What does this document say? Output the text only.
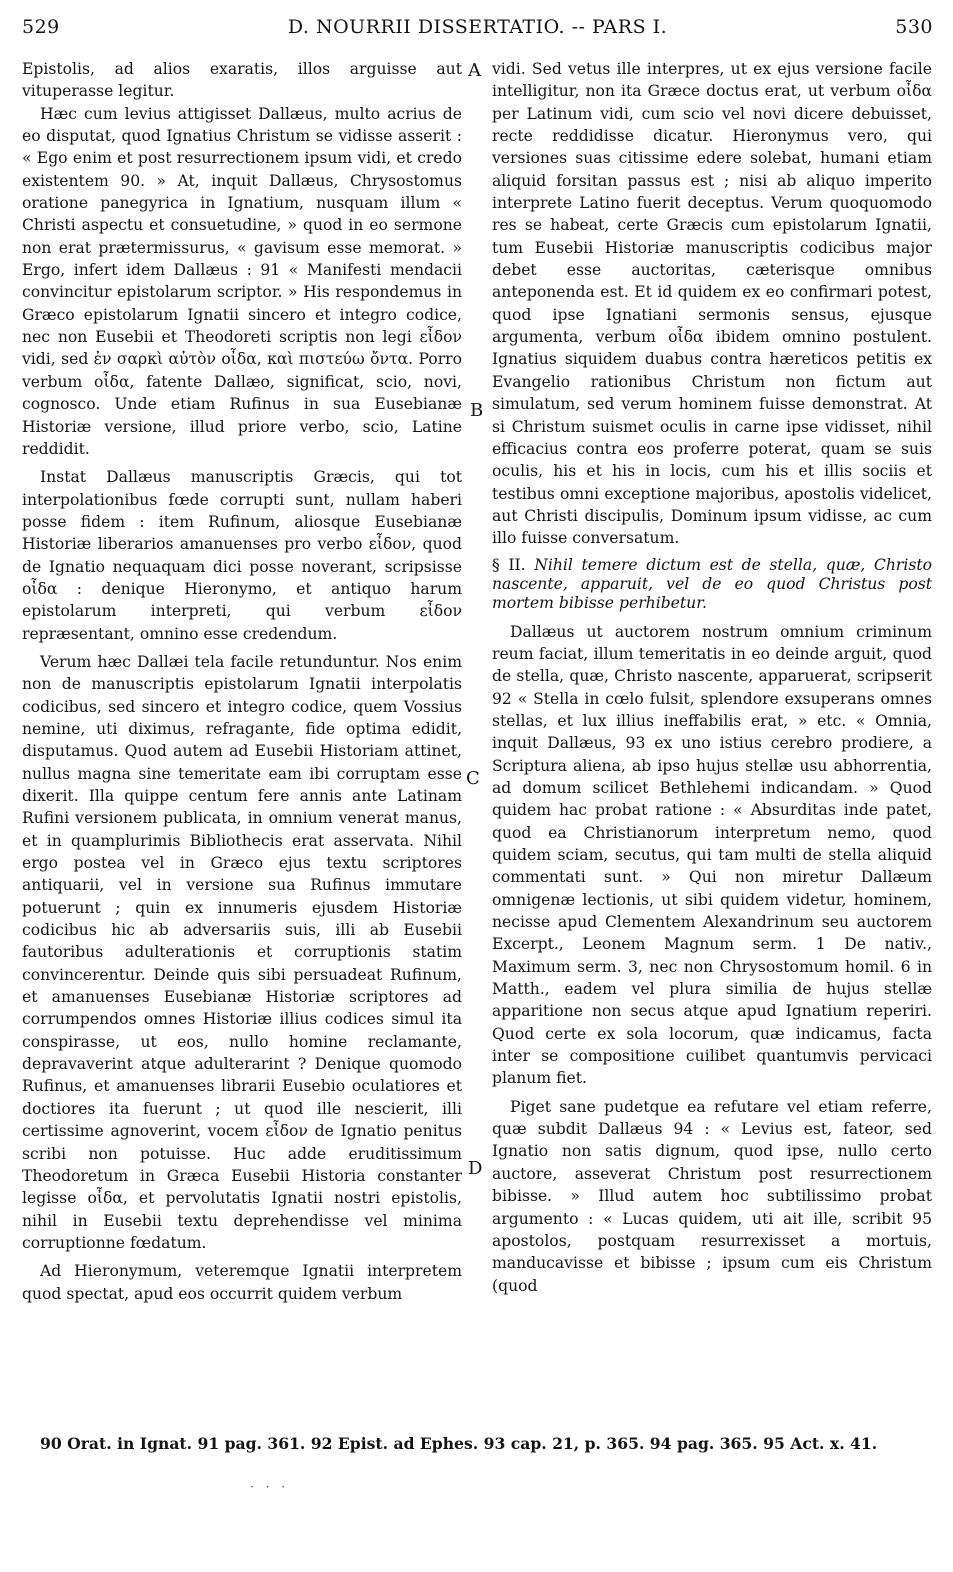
529	D. NOURRII DISSERTATIO. -- PARS I.	530

Epistolis, ad alios exaratis, illos arguisse aut vituperasse legitur.

Hæc cum levius attigisset Dallæus, multo acrius de eo disputat, quod Ignatius Christum se vidisse asserit : « Ego enim et post resurrectionem ipsum vidi, et credo existentem 90. » At, inquit Dallæus, Chrysostomus oratione panegyrica in Ignatium, nusquam illum « Christi aspectu et consuetudine, » quod in eo sermone non erat prætermissurus, « gavisum esse memorat. » Ergo, infert idem Dallæus : 91 « Manifesti mendacii convincitur epistolarum scriptor. » His respondemus in Græco epistolarum Ignatii sincero et integro codice, nec non Eusebii et Theodoreti scriptis non legi εἶδον vidi, sed ἐν σαρκὶ αὐτὸν οἶδα, καὶ πιστεύω ὄντα. Porro verbum οἶδα, fatente Dallæo, significat, scio, novi, cognosco. Unde etiam Rufinus in sua Eusebianæ Historiæ versione, illud priore verbo, scio, Latine reddidit.

Instat Dallæus manuscriptis Græcis, qui tot interpolationibus fœde corrupti sunt, nullam haberi posse fidem : item Rufinum, aliosque Eusebianæ Historiæ liberarios amanuenses pro verbo εἶδον, quod de Ignatio nequaquam dici posse noverant, scripsisse οἶδα : denique Hieronymo, et antiquo harum epistolarum interpreti, qui verbum εἶδον repræsentant, omnino esse credendum.

Verum hæc Dallæi tela facile retunduntur. Nos enim non de manuscriptis epistolarum Ignatii interpolatis codicibus, sed sincero et integro codice, quem Vossius nemine, uti diximus, refragante, fide optima edidit, disputamus. Quod autem ad Eusebii Historiam attinet, nullus magna sine temeritate eam ibi corruptam esse dixerit. Illa quippe centum fere annis ante Latinam Rufini versionem publicata, in omnium venerat manus, et in quamplurimis Bibliothecis erat asservata. Nihil ergo postea vel in Græco ejus textu scriptores antiquarii, vel in versione sua Rufinus immutare potuerunt ; quin ex innumeris ejusdem Historiæ codicibus hic ab adversariis suis, illi ab Eusebii fautoribus adulterationis et corruptionis statim convincerentur. Deinde quis sibi persuadeat Rufinum, et amanuenses Eusebianæ Historiæ scriptores ad corrumpendos omnes Historiæ illius codices simul ita conspirasse, ut eos, nullo homine reclamante, depravaverint atque adulterarint ? Denique quomodo Rufinus, et amanuenses librarii Eusebio oculatiores et doctiores ita fuerunt ; ut quod ille nescierit, illi certissime agnoverint, vocem εἶδον de Ignatio penitus scribi non potuisse. Huc adde eruditissimum Theodoretum in Græca Eusebii Historia constanter legisse οἶδα, et pervolutatis Ignatii nostri epistolis, nihil in Eusebii textu deprehendisse vel minima corruptionne fœdatum.

Ad Hieronymum, veteremque Ignatii interpretem quod spectat, apud eos occurrit quidem verbum

A
B
C
D

vidi. Sed vetus ille interpres, ut ex ejus versione facile intelligitur, non ita Græce doctus erat, ut verbum οἶδα per Latinum vidi, cum scio vel novi dicere debuisset, recte reddidisse dicatur. Hieronymus vero, qui versiones suas citissime edere solebat, humani etiam aliquid forsitan passus est ; nisi ab aliquo imperito interprete Latino fuerit deceptus. Verum quoquomodo res se habeat, certe Græcis cum epistolarum Ignatii, tum Eusebii Historiæ manuscriptis codicibus major debet esse auctoritas, cæterisque omnibus anteponenda est. Et id quidem ex eo confirmari potest, quod ipse Ignatiani sermonis sensus, ejusque argumenta, verbum οἶδα ibidem omnino postulent. Ignatius siquidem duabus contra hæreticos petitis ex Evangelio rationibus Christum non fictum aut simulatum, sed verum hominem fuisse demonstrat. At si Christum suismet oculis in carne ipse vidisset, nihil efficacius contra eos proferre poterat, quam se suis oculis, his et his in locis, cum his et illis sociis et testibus omni exceptione majoribus, apostolis videlicet, aut Christi discipulis, Dominum ipsum vidisse, ac cum illo fuisse conversatum.

§ II. Nihil temere dictum est de stella, quæ, Christo nascente, apparuit, vel de eo quod Christus post mortem bibisse perhibetur.

Dallæus ut auctorem nostrum omnium criminum reum faciat, illum temeritatis in eo deinde arguit, quod de stella, quæ, Christo nascente, apparuerat, scripserit 92 « Stella in cœlo fulsit, splendore exsuperans omnes stellas, et lux illius ineffabilis erat, » etc. « Omnia, inquit Dallæus, 93 ex uno istius cerebro prodiere, a Scriptura aliena, ab ipso hujus stellæ usu abhorrentia, ad domum scilicet Bethlehemi indicandam. » Quod quidem hac probat ratione : « Absurditas inde patet, quod ea Christianorum interpretum nemo, quod quidem sciam, secutus, qui tam multi de stella aliquid commentati sunt. » Qui non miretur Dallæum omnigenæ lectionis, ut sibi quidem videtur, hominem, necisse apud Clementem Alexandrinum seu auctorem Excerpt., Leonem Magnum serm. 1 De nativ., Maximum serm. 3, nec non Chrysostomum homil. 6 in Matth., eadem vel plura similia de hujus stellæ apparitione non secus atque apud Ignatium reperiri. Quod certe ex sola locorum, quæ indicamus, facta inter se compositione cuilibet quantumvis pervicaci planum fiet.

Piget sane pudetque ea refutare vel etiam referre, quæ subdit Dallæus 94 : « Levius est, fateor, sed Ignatio non satis dignum, quod ipse, nullo certo auctore, asseverat Christum post resurrectionem bibisse. » Illud autem hoc subtilissimo probat argumento : « Lucas quidem, uti ait ille, scribit 95 apostolos, postquam resurrexisset a mortuis, manducavisse et bibisse ; ipsum cum eis Christum (quod

90 Orat. in Ignat. 91 pag. 361. 92 Epist. ad Ephes. 93 cap. 21, p. 365. 94 pag. 365. 95 Act. x. 41.
· · ·
